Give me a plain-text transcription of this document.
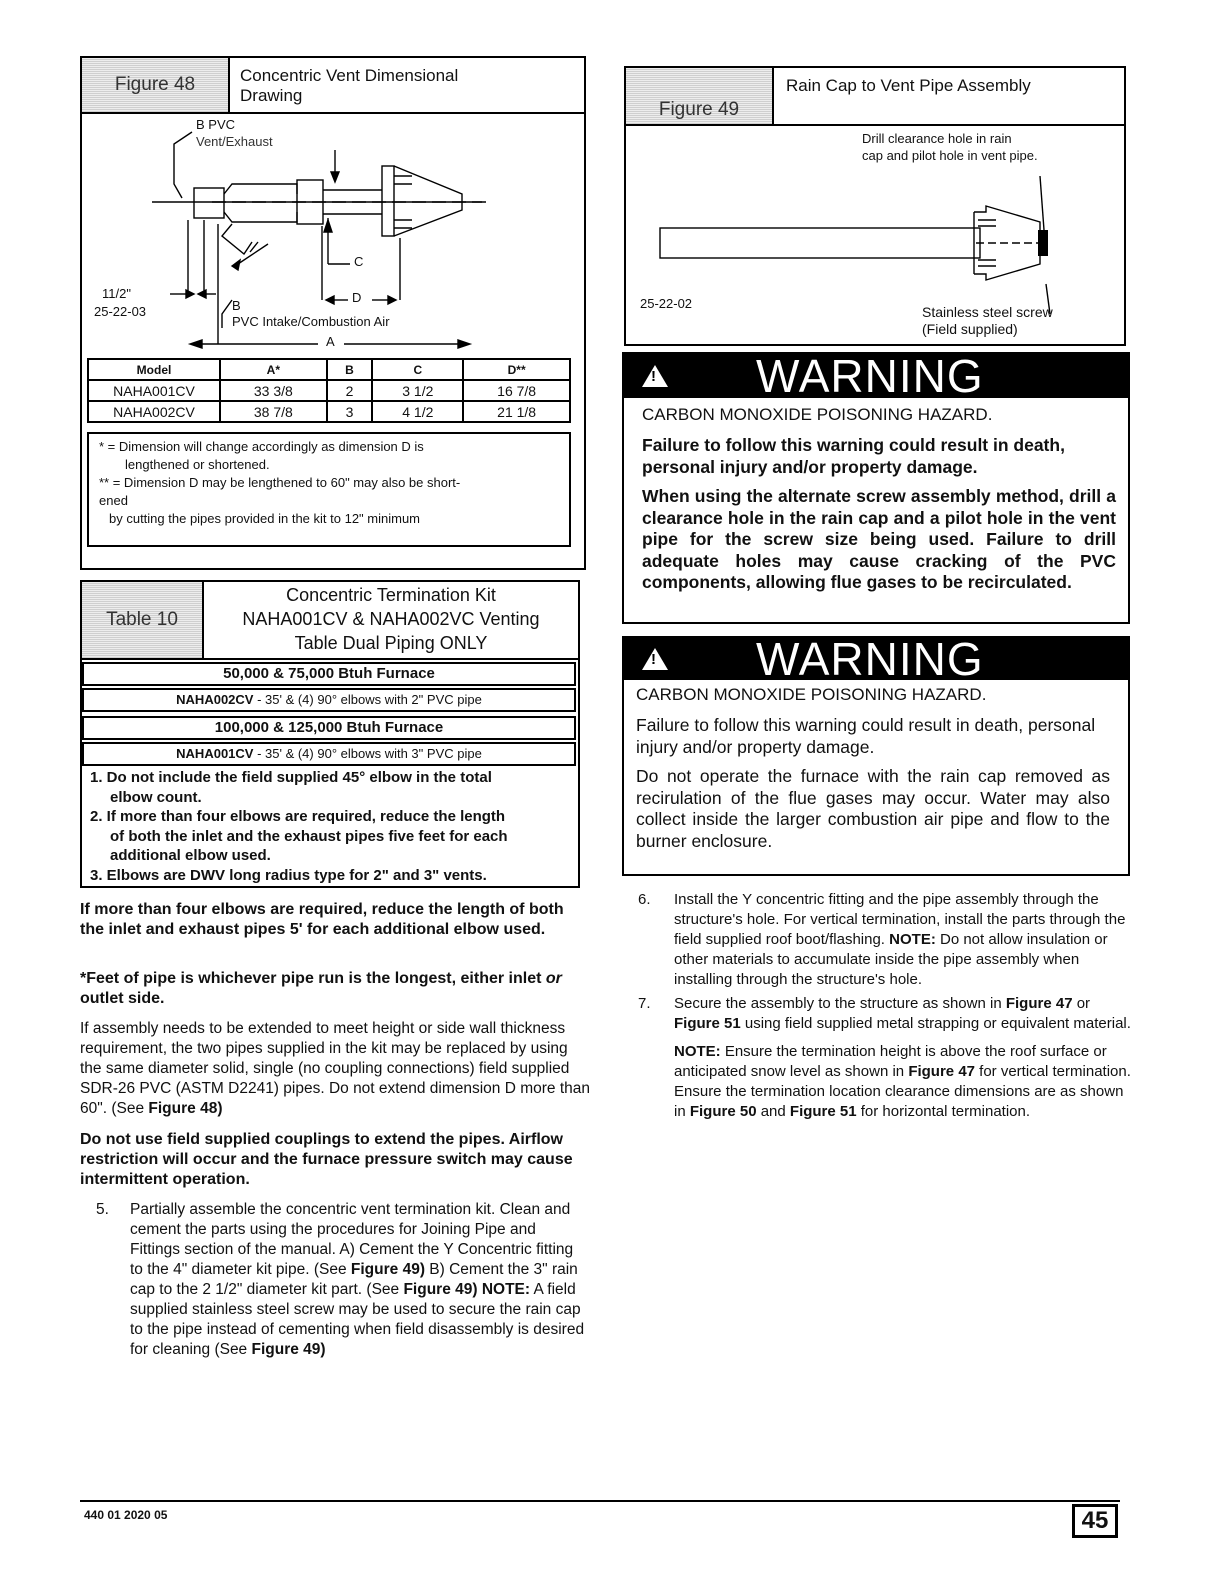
Figure 48	Concentric Vent Dimensional Drawing
B PVC
Vent/Exhaust
C
D
11/2"
25-22-03	B
PVC Intake/Combustion Air
A
Model	A*	B	C	D**
NAHA001CV	33 3/8	2	3 1/2	16 7/8
NAHA002CV	38 7/8	3	4 1/2	21 1/8
* = Dimension will change accordingly as dimension D is
lengthened or shortened.
** = Dimension D may be lengthened to 60" may also be short-
ened
by cutting the pipes provided in the kit to 12" minimum
Table 10
Concentric Termination Kit
NAHA001CV & NAHA002VC Venting
Table Dual Piping ONLY
50,000 & 75,000 Btuh Furnace
NAHA002CV - 35' & (4) 90° elbows with 2" PVC pipe
100,000 & 125,000 Btuh Furnace
NAHA001CV - 35' & (4) 90° elbows with 3" PVC pipe
1. Do not include the field supplied 45° elbow in the total
elbow count.
2. If more than four elbows are required, reduce the length
of both the inlet and the exhaust pipes five feet for each
additional elbow used.
3. Elbows are DWV long radius type for 2" and 3" vents.

If more than four elbows are required, reduce the length of both the inlet and exhaust pipes 5' for each additional elbow used.

*Feet of pipe is whichever pipe run is the longest, either inlet or outlet side.

If assembly needs to be extended to meet height or side wall thickness requirement, the two pipes supplied in the kit may be replaced by using the same diameter solid, single (no coupling connections) field supplied SDR-26 PVC (ASTM D2241) pipes. Do not extend dimension D more than 60". (See Figure 48)

Do not use field supplied couplings to extend the pipes. Airflow restriction will occur and the furnace pressure switch may cause intermittent operation.

5. Partially assemble the concentric vent termination kit. Clean and cement the parts using the procedures for Joining Pipe and Fittings section of the manual. A) Cement the Y Concentric fitting to the 4" diameter kit pipe. (See Figure 49) B) Cement the 3" rain cap to the 2 1/2" diameter kit part. (See Figure 49) NOTE: A field supplied stainless steel screw may be used to secure the rain cap to the pipe instead of cementing when field disassembly is desired for cleaning (See Figure 49)
Figure 49
Rain Cap to Vent Pipe Assembly
Drill clearance hole in rain
cap and pilot hole in vent pipe.
25-22-02
Stainless steel screw
(Field supplied)
! WARNING

CARBON MONOXIDE POISONING HAZARD.

Failure to follow this warning could result in death, personal injury and/or property damage.

When using the alternate screw assembly method, drill a clearance hole in the rain cap and a pilot hole in the vent pipe for the screw size being used. Failure to drill adequate holes may cause cracking of the PVC components, allowing flue gases to be recirculated.

! WARNING

CARBON MONOXIDE POISONING HAZARD.

Failure to follow this warning could result in death, personal injury and/or property damage.

Do not operate the furnace with the rain cap removed as recirulation of the flue gases may occur. Water may also collect inside the larger combustion air pipe and flow to the burner enclosure.

6. Install the Y concentric fitting and the pipe assembly through the structure's hole. For vertical termination, install the parts through the field supplied roof boot/flashing. NOTE: Do not allow insulation or other materials to accumulate inside the pipe assembly when installing through the structure's hole.
7. Secure the assembly to the structure as shown in Figure 47 or Figure 51 using field supplied metal strapping or equivalent material.
NOTE: Ensure the termination height is above the roof surface or anticipated snow level as shown in Figure 47 for vertical termination. Ensure the termination location clearance dimensions are as shown in Figure 50 and Figure 51 for horizontal termination.
440 01 2020 05	45
